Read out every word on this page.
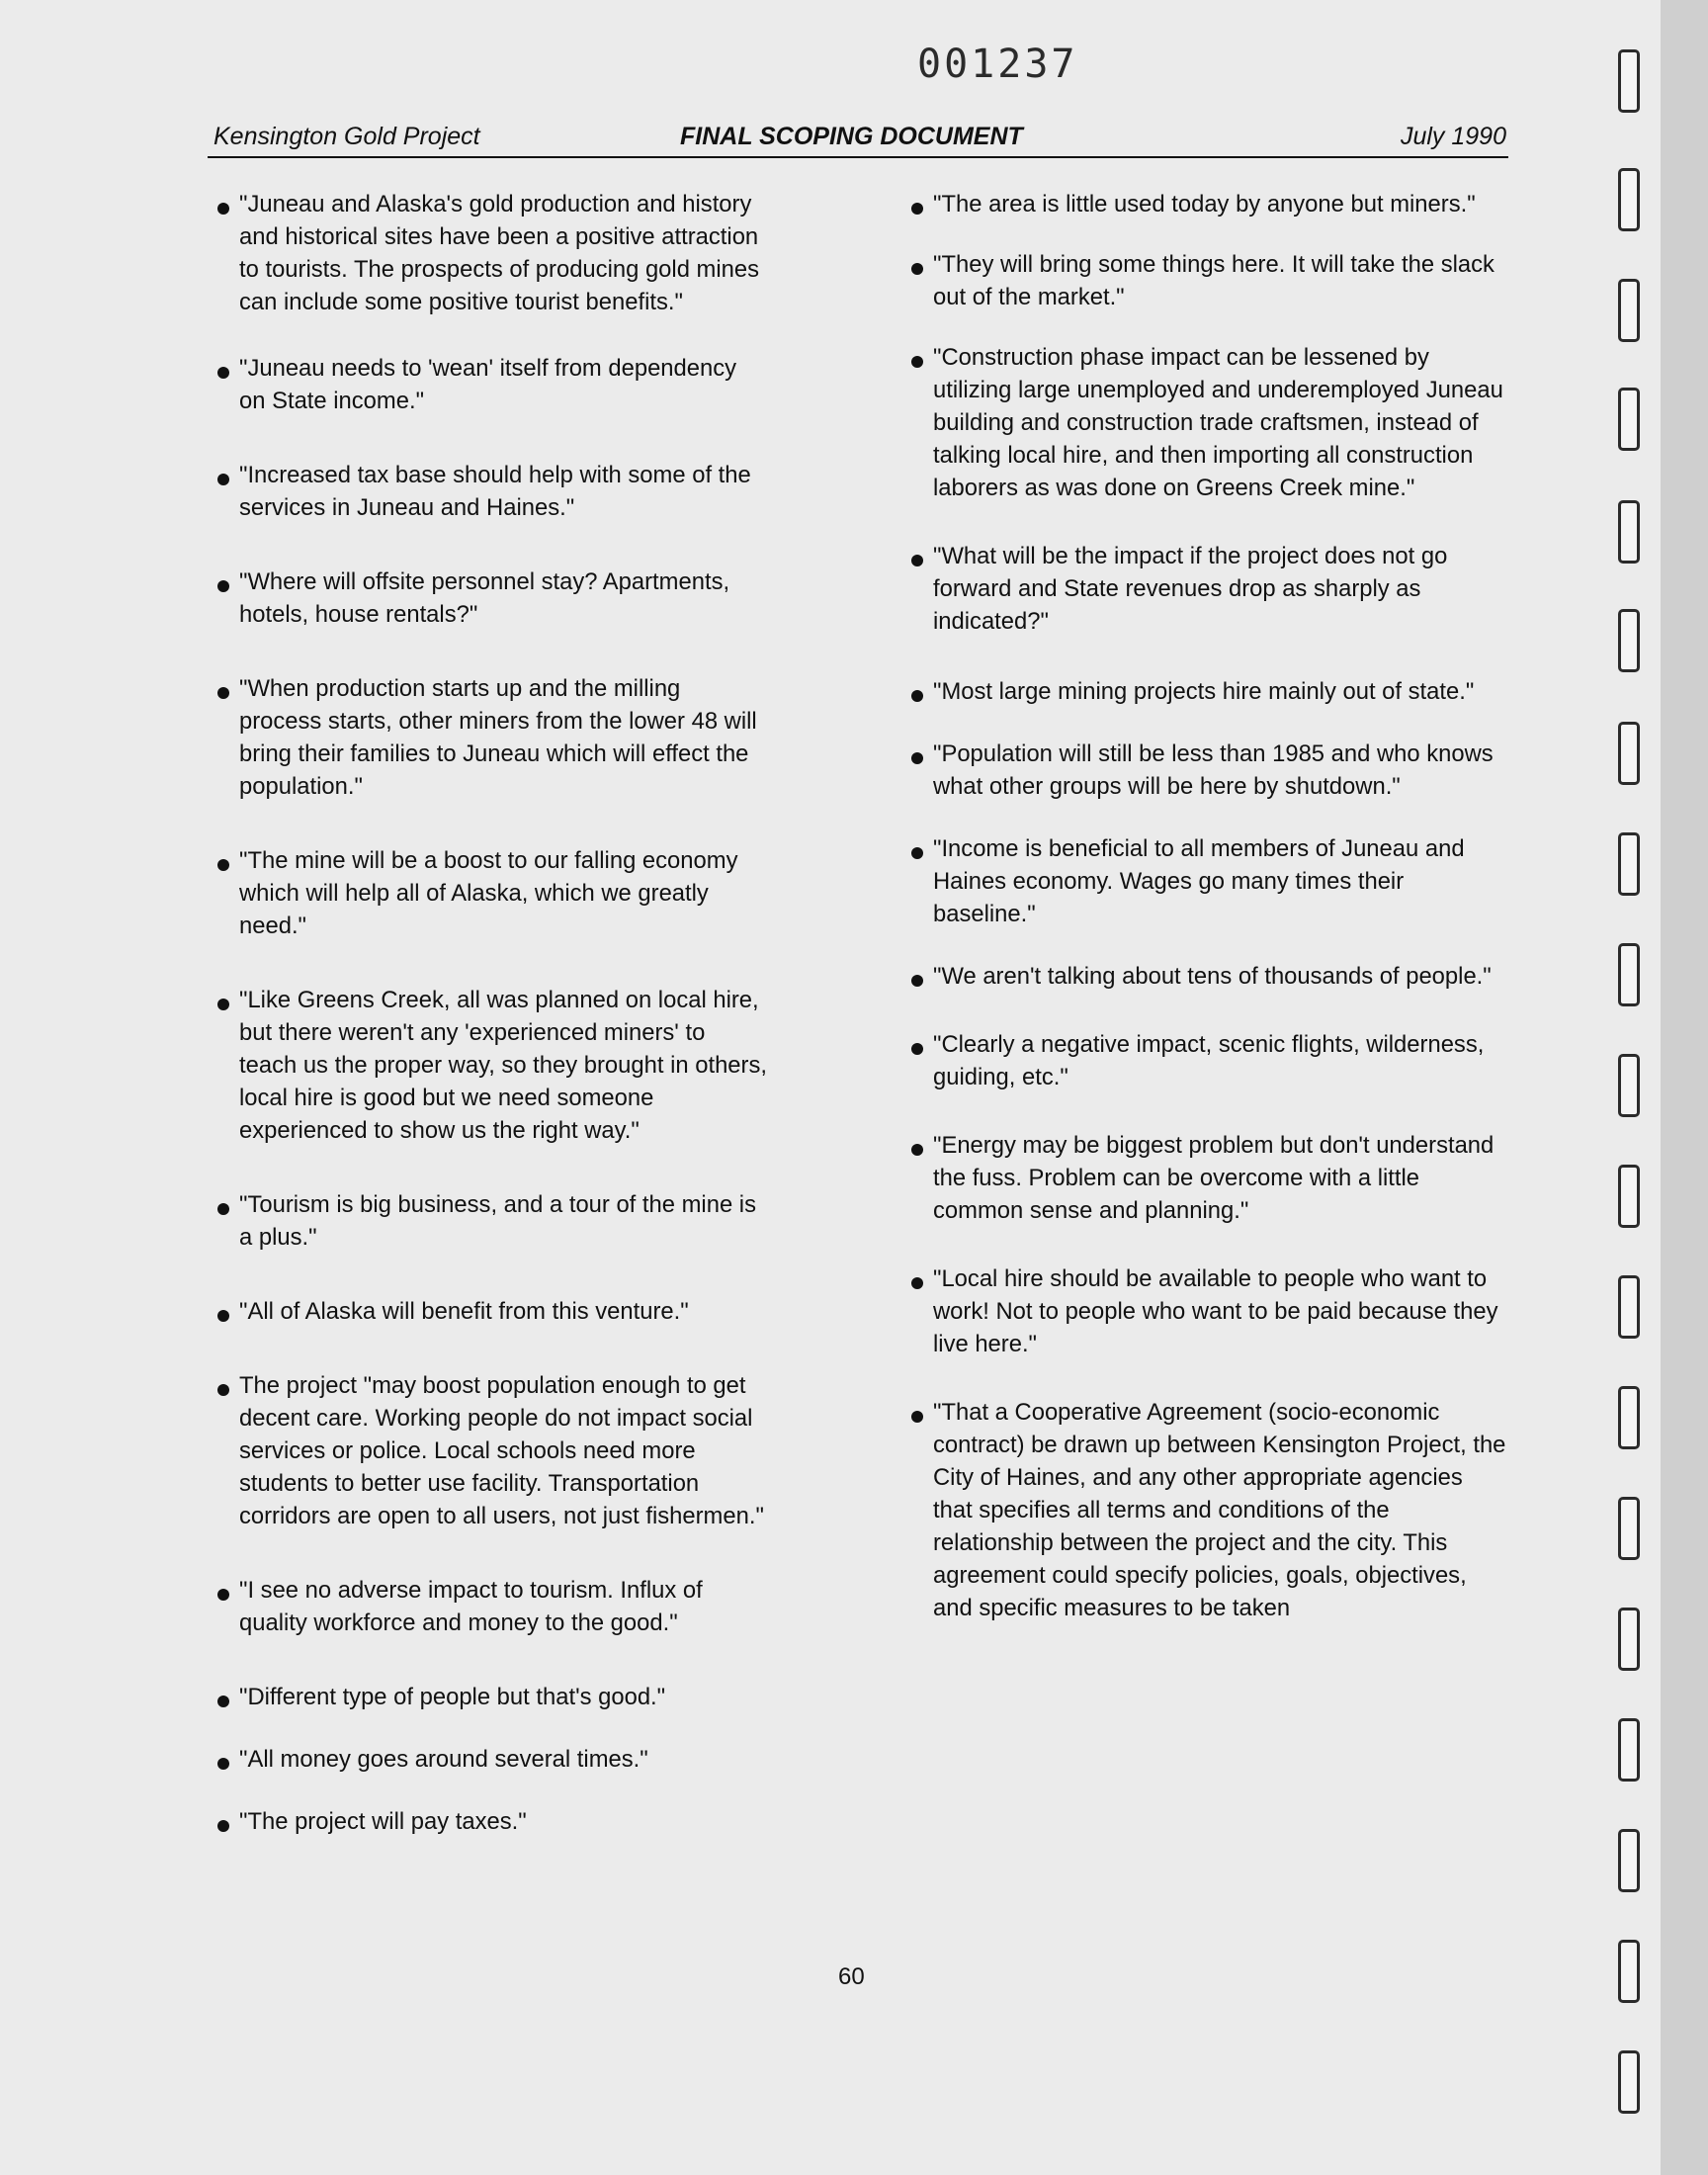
001237
Kensington Gold Project	FINAL SCOPING DOCUMENT	July 1990
"Juneau and Alaska's gold production and history and historical sites have been a positive attraction to tourists. The prospects of producing gold mines can include some positive tourist benefits."
"Juneau needs to 'wean' itself from dependency on State income."
"Increased tax base should help with some of the services in Juneau and Haines."
"Where will offsite personnel stay? Apartments, hotels, house rentals?"
"When production starts up and the milling process starts, other miners from the lower 48 will bring their families to Juneau which will effect the population."
"The mine will be a boost to our falling economy which will help all of Alaska, which we greatly need."
"Like Greens Creek, all was planned on local hire, but there weren't any 'experienced miners' to teach us the proper way, so they brought in others, local hire is good but we need someone experienced to show us the right way."
"Tourism is big business, and a tour of the mine is a plus."
"All of Alaska will benefit from this venture."
The project "may boost population enough to get decent care. Working people do not impact social services or police. Local schools need more students to better use facility. Transportation corridors are open to all users, not just fishermen."
"I see no adverse impact to tourism. Influx of quality workforce and money to the good."
"Different type of people but that's good."
"All money goes around several times."
"The project will pay taxes."
"The area is little used today by anyone but miners."
"They will bring some things here. It will take the slack out of the market."
"Construction phase impact can be lessened by utilizing large unemployed and underemployed Juneau building and construction trade craftsmen, instead of talking local hire, and then importing all construction laborers as was done on Greens Creek mine."
"What will be the impact if the project does not go forward and State revenues drop as sharply as indicated?"
"Most large mining projects hire mainly out of state."
"Population will still be less than 1985 and who knows what other groups will be here by shutdown."
"Income is beneficial to all members of Juneau and Haines economy. Wages go many times their baseline."
"We aren't talking about tens of thousands of people."
"Clearly a negative impact, scenic flights, wilderness, guiding, etc."
"Energy may be biggest problem but don't understand the fuss. Problem can be overcome with a little common sense and planning."
"Local hire should be available to people who want to work! Not to people who want to be paid because they live here."
"That a Cooperative Agreement (socio-economic contract) be drawn up between Kensington Project, the City of Haines, and any other appropriate agencies that specifies all terms and conditions of the relationship between the project and the city. This agreement could specify policies, goals, objectives, and specific measures to be taken
60
